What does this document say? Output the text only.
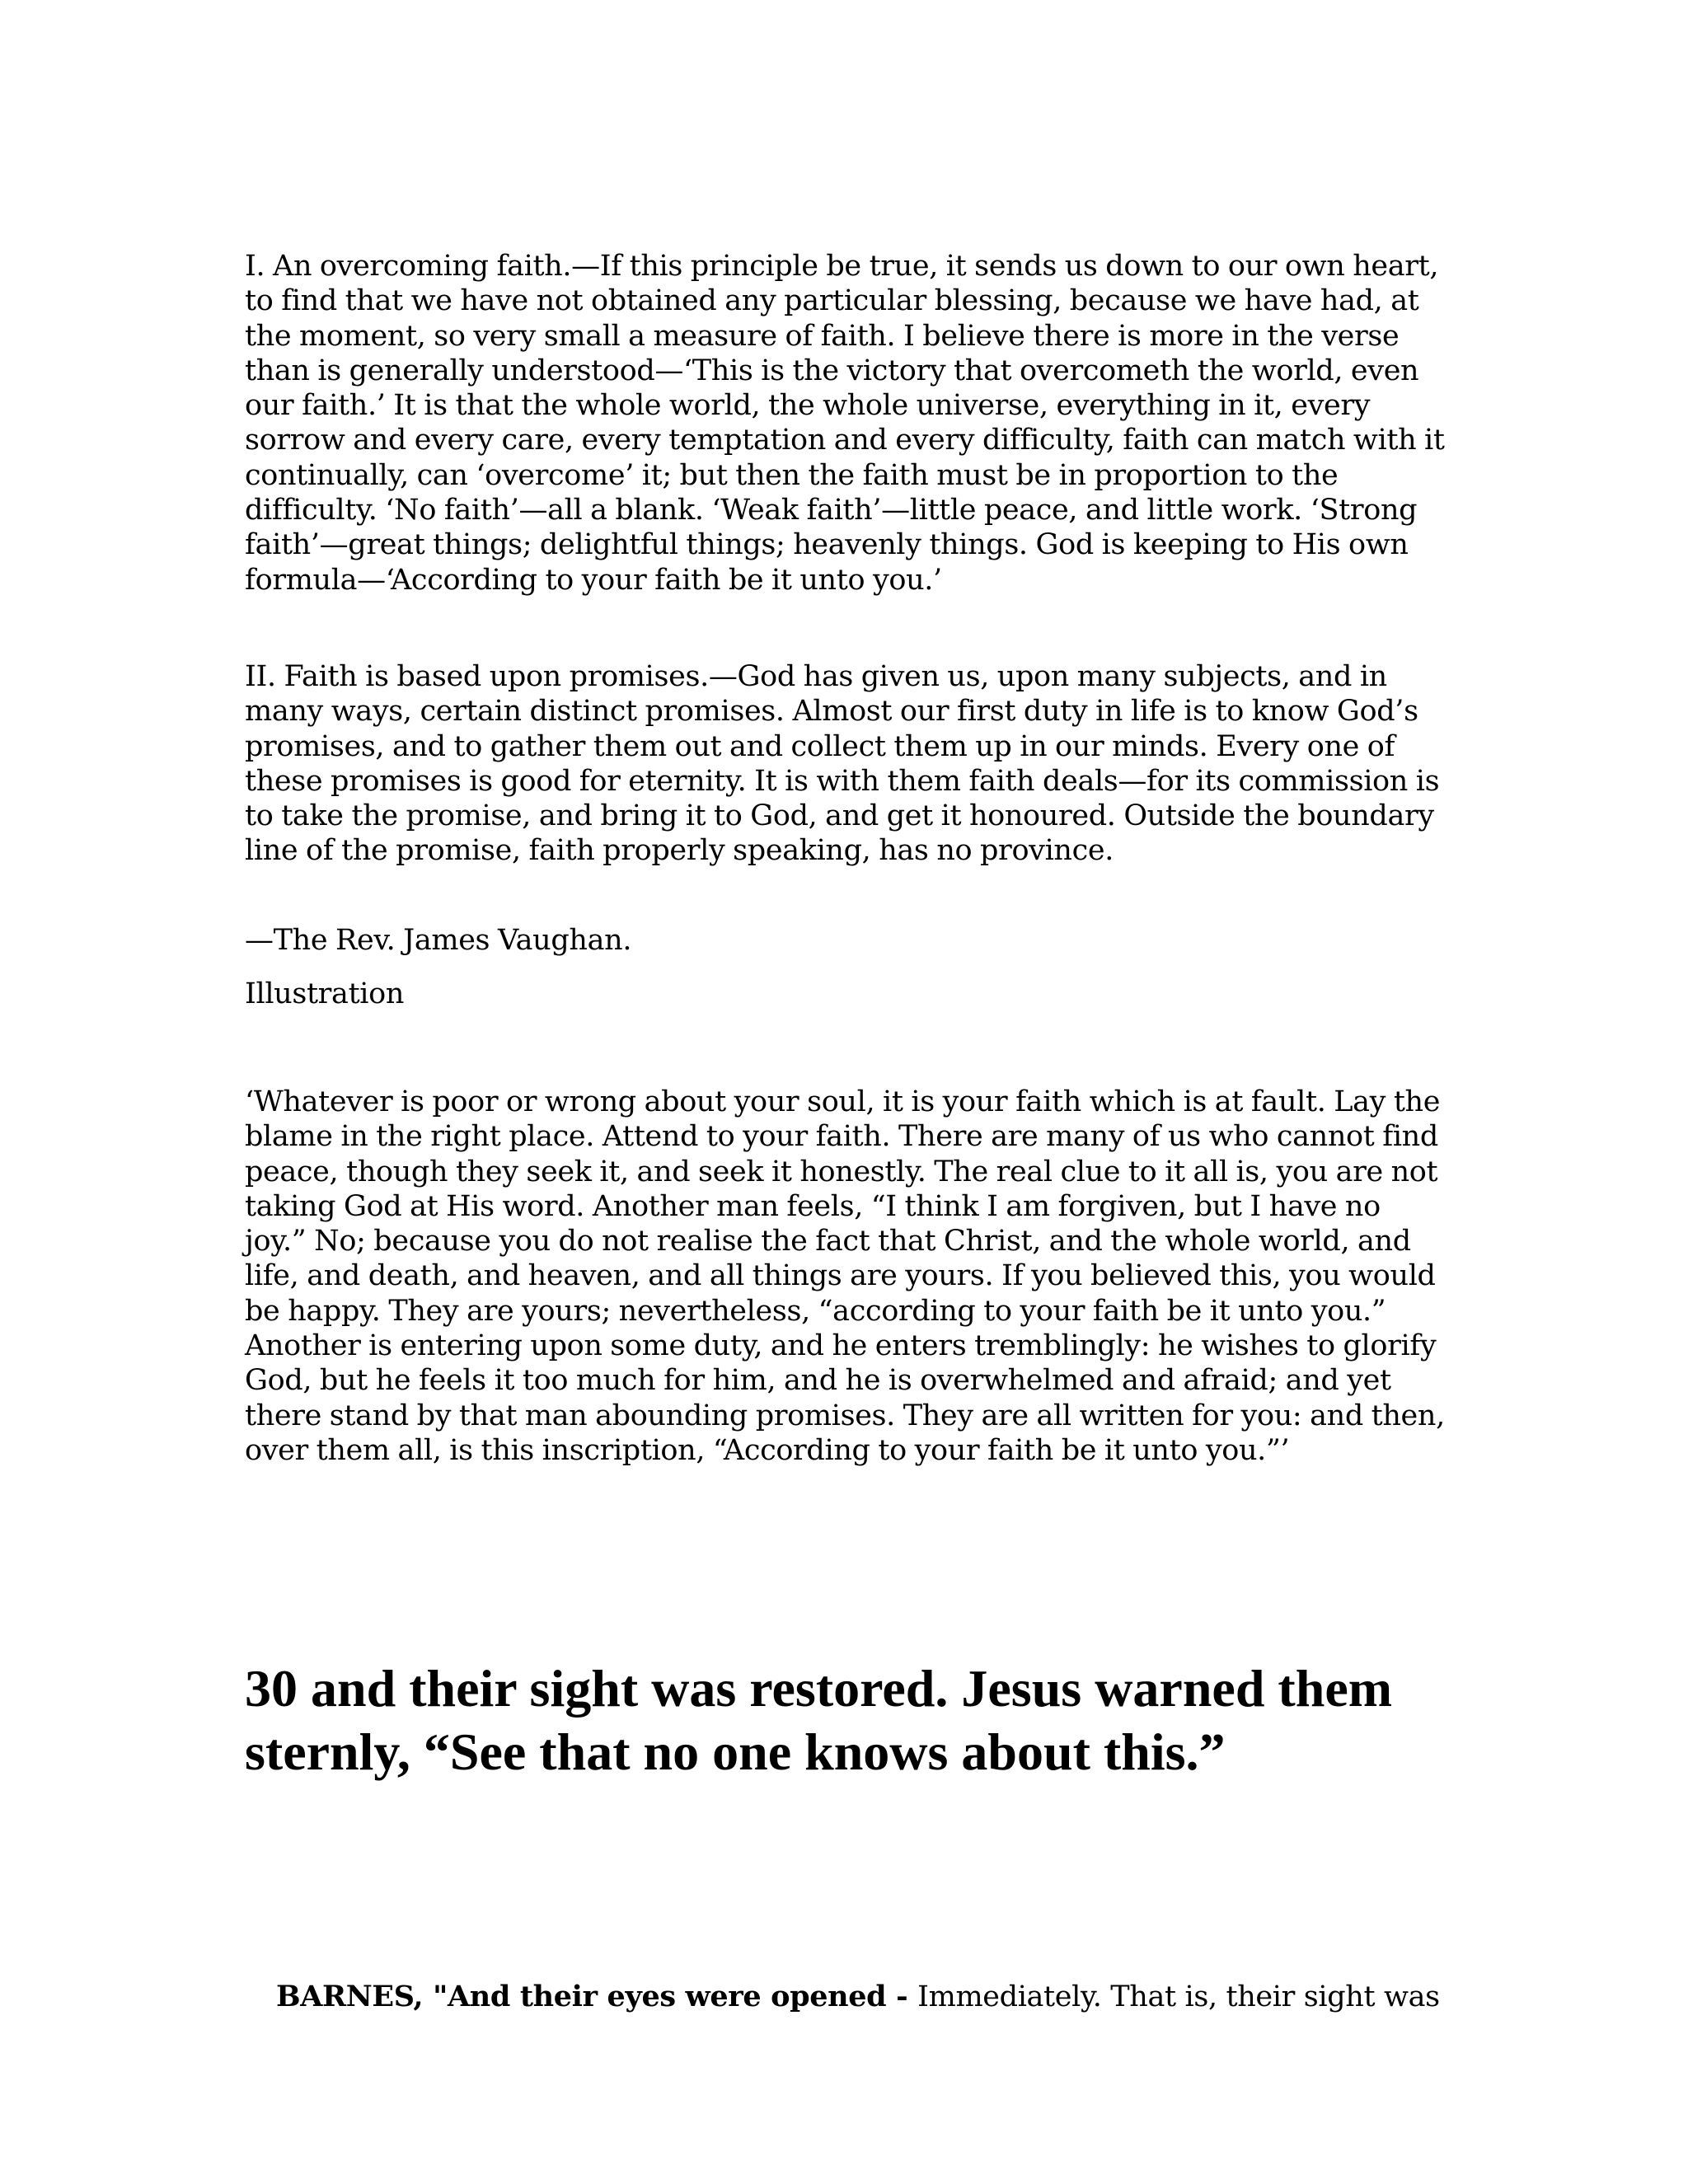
I. An overcoming faith.—If this principle be true, it sends us down to our own heart, to find that we have not obtained any particular blessing, because we have had, at the moment, so very small a measure of faith. I believe there is more in the verse than is generally understood—‘This is the victory that overcometh the world, even our faith.’ It is that the whole world, the whole universe, everything in it, every sorrow and every care, every temptation and every difficulty, faith can match with it continually, can ‘overcome’ it; but then the faith must be in proportion to the difficulty. ‘No faith’—all a blank. ‘Weak faith’—little peace, and little work. ‘Strong faith’—great things; delightful things; heavenly things. God is keeping to His own formula—‘According to your faith be it unto you.’

II. Faith is based upon promises.—God has given us, upon many subjects, and in many ways, certain distinct promises. Almost our first duty in life is to know God’s promises, and to gather them out and collect them up in our minds. Every one of these promises is good for eternity. It is with them faith deals—for its commission is to take the promise, and bring it to God, and get it honoured. Outside the boundary line of the promise, faith properly speaking, has no province.

—The Rev. James Vaughan.

Illustration

‘Whatever is poor or wrong about your soul, it is your faith which is at fault. Lay the blame in the right place. Attend to your faith. There are many of us who cannot find peace, though they seek it, and seek it honestly. The real clue to it all is, you are not taking God at His word. Another man feels, “I think I am forgiven, but I have no joy.” No; because you do not realise the fact that Christ, and the whole world, and life, and death, and heaven, and all things are yours. If you believed this, you would be happy. They are yours; nevertheless, “according to your faith be it unto you.” Another is entering upon some duty, and he enters tremblingly: he wishes to glorify God, but he feels it too much for him, and he is overwhelmed and afraid; and yet there stand by that man abounding promises. They are all written for you: and then, over them all, is this inscription, “According to your faith be it unto you.”’

30 and their sight was restored. Jesus warned them sternly, “See that no one knows about this.”

BARNES, "And their eyes were opened - Immediately. That is, their sight was
